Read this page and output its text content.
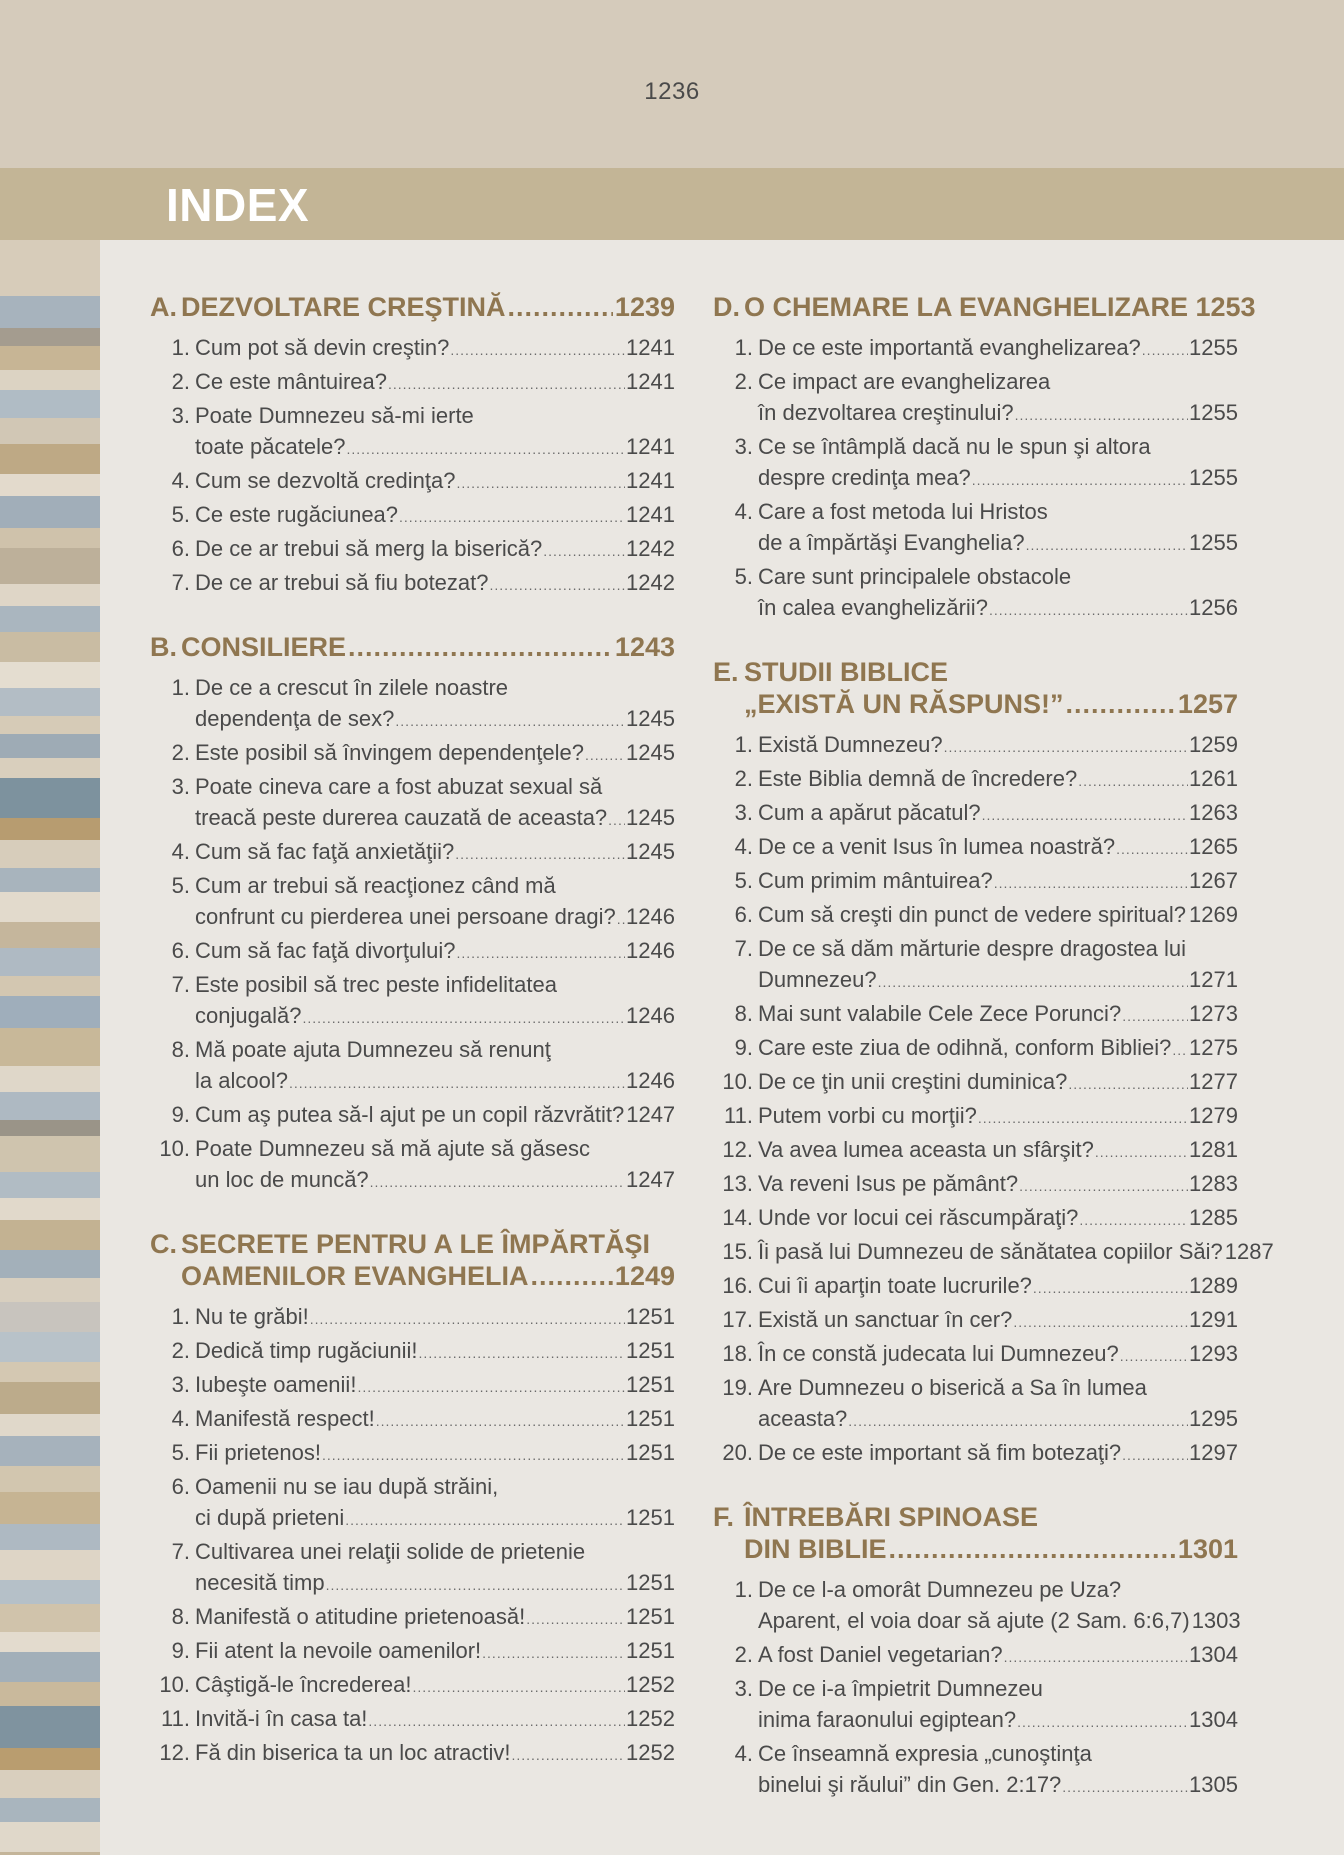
1236
INDEX
A. DEZVOLTARE CREŞTINĂ .....	1239
1. Cum pot să devin creştin? .....	1241
2. Ce este mântuirea? .....	1241
3. Poate Dumnezeu să-mi ierte
toate păcatele? .....	1241
4. Cum se dezvoltă credinţa? .....	1241
5. Ce este rugăciunea? .....	1241
6. De ce ar trebui să merg la biserică? .....	1242
7. De ce ar trebui să fiu botezat? .....	1242
B. CONSILIERE .....	1243
1. De ce a crescut în zilele noastre
dependenţa de sex? .....	1245
2. Este posibil să învingem dependenţele? ..... 1245
3. Poate cineva care a fost abuzat sexual să
treacă peste durerea cauzată de aceasta? ..... 1245
4. Cum să fac faţă anxietăţii? .....	1245
5. Cum ar trebui să reacţionez când mă
confrunt cu pierderea unei persoane dragi? ..... 1246
6. Cum să fac faţă divorţului? .....	1246
7. Este posibil să trec peste infidelitatea
conjugală? .....	1246
8. Mă poate ajuta Dumnezeu să renunţ
la alcool? .....	1246
9. Cum aş putea să-l ajut pe un copil răzvrătit? 1247
10. Poate Dumnezeu să mă ajute să găsesc
un loc de muncă? .....	1247
C. SECRETE PENTRU A LE ÎMPĂRTĂŞI
OAMENILOR EVANGHELIA .....	1249
1. Nu te grăbi! .....	1251
2. Dedică timp rugăciunii! .....	1251
3. Iubeşte oamenii! .....	1251
4. Manifestă respect! .....	1251
5. Fii prietenos! .....	1251
6. Oamenii nu se iau după străini,
ci după prieteni .....	1251
7. Cultivarea unei relaţii solide de prietenie
necesită timp .....	1251
8. Manifestă o atitudine prietenoasă! .....	1251
9. Fii atent la nevoile oamenilor! .....	1251
10. Câştigă-le încrederea! .....	1252
11. Invită-i în casa ta! .....	1252
12. Fă din biserica ta un loc atractiv! .....	1252
D. O CHEMARE LA EVANGHELIZARE 1253
1. De ce este importantă evanghelizarea? ..... 1255
2. Ce impact are evanghelizarea
în dezvoltarea creştinului? .....	1255
3. Ce se întâmplă dacă nu le spun şi altora
despre credinţa mea? .....	1255
4. Care a fost metoda lui Hristos
de a împărtăşi Evanghelia? .....	1255
5. Care sunt principalele obstacole
în calea evanghelizării? .....	1256
E. STUDII BIBLICE
„EXISTĂ UN RĂSPUNS!” .....	1257
1. Există Dumnezeu? .....	1259
2. Este Biblia demnă de încredere? .....	1261
3. Cum a apărut păcatul? .....	1263
4. De ce a venit Isus în lumea noastră? .....	1265
5. Cum primim mântuirea? .....	1267
6. Cum să creşti din punct de vedere spiritual? ..... 1269
7. De ce să dăm mărturie despre dragostea lui
Dumnezeu? .....	1271
8. Mai sunt valabile Cele Zece Porunci? .....	1273
9. Care este ziua de odihnă, conform Bibliei? ..... 1275
10. De ce ţin unii creştini duminica? .....	1277
11. Putem vorbi cu morţii? .....	1279
12. Va avea lumea aceasta un sfârşit? .....	1281
13. Va reveni Isus pe pământ? .....	1283
14. Unde vor locui cei răscumpăraţi? .....	1285
15. Îi pasă lui Dumnezeu de sănătatea copiilor Săi? 1287
16. Cui îi aparţin toate lucrurile? .....	1289
17. Există un sanctuar în cer? .....	1291
18. În ce constă judecata lui Dumnezeu? .....	1293
19. Are Dumnezeu o biserică a Sa în lumea
aceasta? .....	1295
20. De ce este important să fim botezaţi? .....	1297
F. ÎNTREBĂRI SPINOASE
DIN BIBLIE .....	1301
1. De ce l-a omorât Dumnezeu pe Uza?
Aparent, el voia doar să ajute (2 Sam. 6:6,7) 1303
2. A fost Daniel vegetarian? .....	1304
3. De ce i-a împietrit Dumnezeu
inima faraonului egiptean? .....	1304
4. Ce înseamnă expresia „cunoştinţa
binelui şi răului” din Gen. 2:17? .....	1305
